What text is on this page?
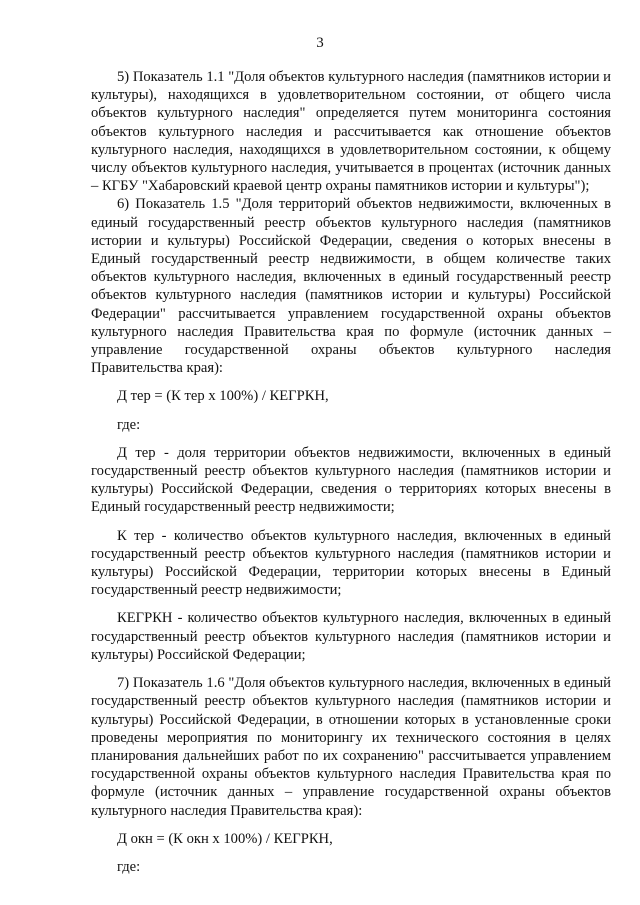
3

5) Показатель 1.1 "Доля объектов культурного наследия (памятников истории и культуры), находящихся в удовлетворительном состоянии, от общего числа объектов культурного наследия" определяется путем мониторинга состояния объектов культурного наследия и рассчитывается как отношение объектов культурного наследия, находящихся в удовлетворительном состоянии, к общему числу объектов культурного наследия, учитывается в процентах (источник данных – КГБУ "Хабаровский краевой центр охраны памятников истории и культуры");

6) Показатель 1.5 "Доля территорий объектов недвижимости, включенных в единый государственный реестр объектов культурного наследия (памятников истории и культуры) Российской Федерации, сведения о которых внесены в Единый государственный реестр недвижимости, в общем количестве таких объектов культурного наследия, включенных в единый государственный реестр объектов культурного наследия (памятников истории и культуры) Российской Федерации" рассчитывается управлением государственной охраны объектов культурного наследия Правительства края по формуле (источник данных – управление государственной охраны объектов культурного наследия Правительства края):

Д тер = (К тер х 100%) / КЕГРКН,

где:

Д тер - доля территории объектов недвижимости, включенных в единый государственный реестр объектов культурного наследия (памятников истории и культуры) Российской Федерации, сведения о территориях которых внесены в Единый государственный реестр недвижимости;

К тер - количество объектов культурного наследия, включенных в единый государственный реестр объектов культурного наследия (памятников истории и культуры) Российской Федерации, территории которых внесены в Единый государственный реестр недвижимости;

КЕГРКН - количество объектов культурного наследия, включенных в единый государственный реестр объектов культурного наследия (памятников истории и культуры) Российской Федерации;

7) Показатель 1.6 "Доля объектов культурного наследия, включенных в единый государственный реестр объектов культурного наследия (памятников истории и культуры) Российской Федерации, в отношении которых в установленные сроки проведены мероприятия по мониторингу их технического состояния в целях планирования дальнейших работ по их сохранению" рассчитывается управлением государственной охраны объектов культурного наследия Правительства края по формуле (источник данных – управление государственной охраны объектов культурного наследия Правительства края):

Д окн = (К окн х 100%) / КЕГРКН,

где:
